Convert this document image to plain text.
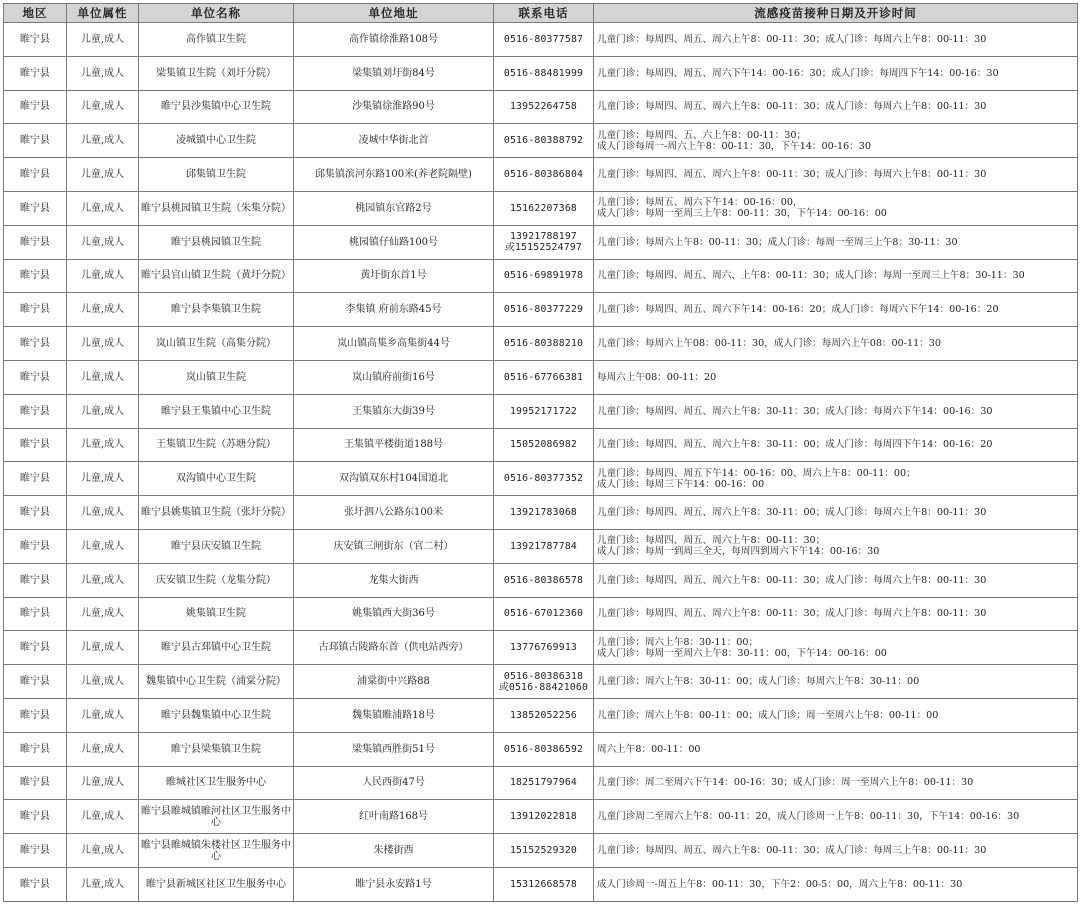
地区	单位属性	单位名称	单位地址	联系电话	流感疫苗接种日期及开诊时间
睢宁县	儿童,成人	高作镇卫生院	高作镇徐淮路108号	0516-80377587	儿童门诊：每周四、周五、周六上午8：00-11：30；成人门诊：每周六上午8：00-11：30
睢宁县	儿童,成人	梁集镇卫生院（刘圩分院）	梁集镇刘圩街84号	0516-88481999	儿童门诊：每周四、周五、周六下午14：00-16：30；成人门诊：每周四下午14：00-16：30
睢宁县	儿童,成人	睢宁县沙集镇中心卫生院	沙集镇徐淮路90号	13952264758	儿童门诊：每周四、周五、周六上午8：00-11：30；成人门诊：每周六上午8：00-11：30
睢宁县	儿童,成人	凌城镇中心卫生院	凌城中华街北首	0516-80388792	儿童门诊：每周四、五、六上午8：00-11：30；
成人门诊每周一-周六上午8：00-11：30，下午14：00-16：30
睢宁县	儿童,成人	邱集镇卫生院	邱集镇滨河东路100米(养老院隔壁)	0516-80386804	儿童门诊：每周四、周五、周六上午8：00-11：30；成人门诊：每周六上午8：00-11：30
睢宁县	儿童,成人	睢宁县桃园镇卫生院（朱集分院）	桃园镇东官路2号	15162207368	儿童门诊：每周五、周六下午14：00-16：00，
成人门诊：每周一至周三上午8：00-11：30，下午14：00-16：00
睢宁县	儿童,成人	睢宁县桃园镇卫生院	桃园镇仔仙路100号	13921788197
或15152524797	儿童门诊：每周六上午8：00-11：30；成人门诊：每周一至周三上午8：30-11：30
睢宁县	儿童,成人	睢宁县官山镇卫生院（黄圩分院）	黄圩街东首1号	0516-69891978	儿童门诊：每周四、周五、周六、上午8：00-11：30；成人门诊：每周一至周三上午8：30-11：30
睢宁县	儿童,成人	睢宁县李集镇卫生院	李集镇 府前东路45号	0516-80377229	儿童门诊：每周四、周五、周六下午14：00-16：20；成人门诊：每周六下午14：00-16：20
睢宁县	儿童,成人	岚山镇卫生院（高集分院）	岚山镇高集乡高集街44号	0516-80388210	儿童门诊：每周六上午08：00-11：30，成人门诊：每周六上午08：00-11：30
睢宁县	儿童,成人	岚山镇卫生院	岚山镇府前街16号	0516-67766381	每周六上午08：00-11：20
睢宁县	儿童,成人	睢宁县王集镇中心卫生院	王集镇东大街39号	19952171722	儿童门诊：每周四、周五、周六上午8：30-11：30；成人门诊：每周六下午14：00-16：30
睢宁县	儿童,成人	王集镇卫生院（苏塘分院）	王集镇平楼街道188号	15052086982	儿童门诊：每周四、周五、周六上午8：30-11：00；成人门诊：每周四下午14：00-16：20
睢宁县	儿童,成人	双沟镇中心卫生院	双沟镇双东村104国道北	0516-80377352	儿童门诊：每周四、周五下午14：00-16：00、周六上午8：00-11：00；
成人门诊：每周三下午14：00-16：00
睢宁县	儿童,成人	睢宁县姚集镇卫生院（张圩分院）	张圩泗八公路东100米	13921783068	儿童门诊：每周四、周五、周六上午8：30-11：00；成人门诊：每周六上午8：00-11：30
睢宁县	儿童,成人	睢宁县庆安镇卫生院	庆安镇三闸街东（官二村）	13921787784	儿童门诊：每周四、周五、周六上午8：00-11：30；
成人门诊：每周一到周三全天，每周四到周六下午14：00-16：30
睢宁县	儿童,成人	庆安镇卫生院（龙集分院）	龙集大街西	0516-80386578	儿童门诊：每周四、周五、周六上午8：00-11：30；成人门诊：每周六上午8：00-11：30
睢宁县	儿童,成人	姚集镇卫生院	姚集镇西大街36号	0516-67012360	儿童门诊：每周四、周五、周六上午8：00-11：30；成人门诊：每周六上午8：00-11：30
睢宁县	儿童,成人	睢宁县古邳镇中心卫生院	古邳镇古陵路东首（供电站西旁）	13776769913	儿童门诊：周六上午8：30-11：00；
成人门诊：每周一至周六上午8：30-11：00，下午14：00-16：00
睢宁县	儿童,成人	魏集镇中心卫生院（浦棠分院）	浦棠街中兴路88	0516-80386318
或0516-88421060	儿童门诊：周六上午8：30-11：00；成人门诊：每周六上午8：30-11：00
睢宁县	儿童,成人	睢宁县魏集镇中心卫生院	魏集镇睢浦路18号	13852052256	儿童门诊：周六上午8：00-11：00；成人门诊：周一至周六上午8：00-11：00
睢宁县	儿童,成人	睢宁县梁集镇卫生院	梁集镇西胜街51号	0516-80386592	周六上午8：00-11：00
睢宁县	儿童,成人	睢城社区卫生服务中心	人民西街47号	18251797964	儿童门诊：周二至周六下午14：00-16：30；成人门诊：周一至周六上午8：00-11：30
睢宁县	儿童,成人	睢宁县睢城镇睢河社区卫生服务中心	红叶南路168号	13912022818	儿童门诊周二至周六上午8：00-11：20，成人门诊周一上午8：00-11：30，下午14：00-16：30
睢宁县	儿童,成人	睢宁县睢城镇朱楼社区卫生服务中心	朱楼街西	15152529320	儿童门诊：每周四、周五、周六上午8：00-11：30；成人门诊：每周三上午8：00-11：30
睢宁县	儿童,成人	睢宁县新城区社区卫生服务中心	睢宁县永安路1号	15312668578	成人门诊周一-周五上午8：00-11：30，下午2：00-5：00，周六上午8：00-11：30
